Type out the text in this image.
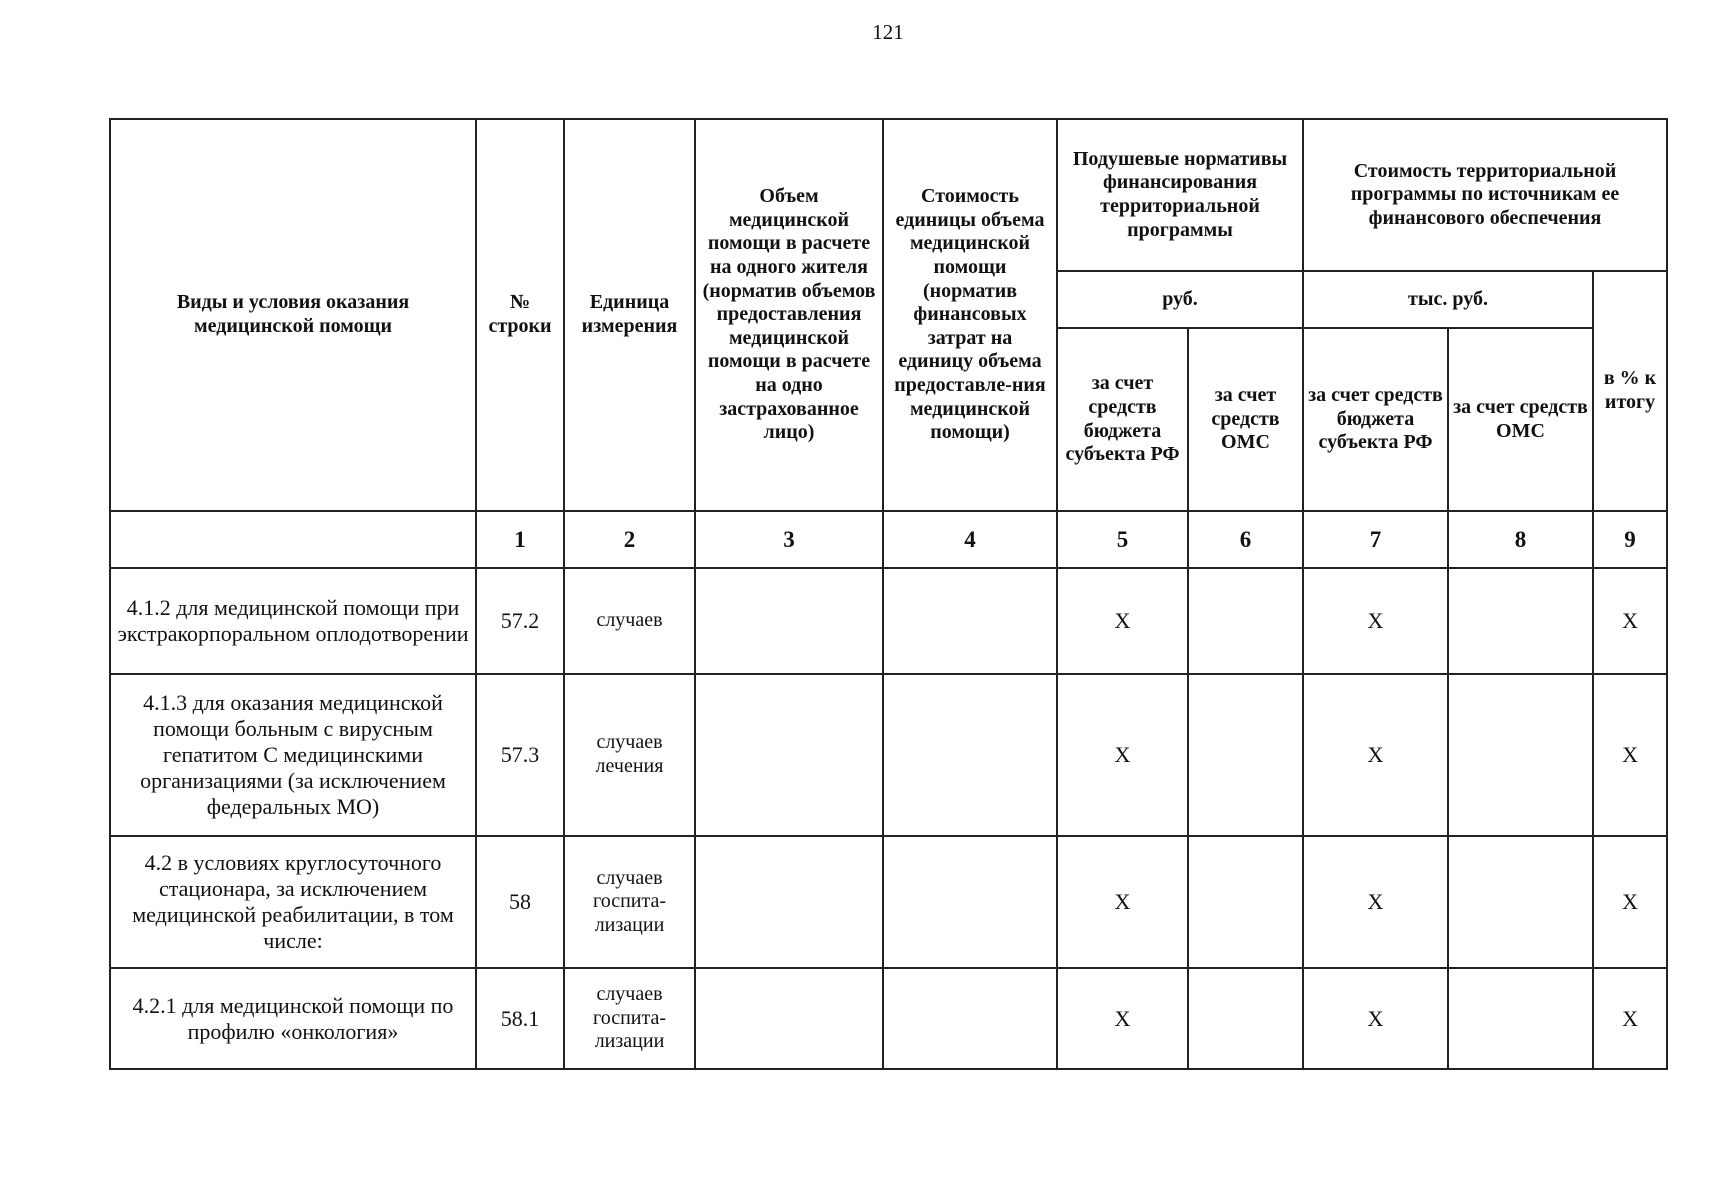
121
Виды и условия оказания медицинской помощи	№ строки	Единица измерения	Объем медицинской помощи в расчете на одного жителя (норматив объемов предоставления медицинской помощи в расчете на одно застрахованное лицо)	Стоимость единицы объема медицинской помощи (норматив финансовых затрат на единицу объема предоставле-ния медицинской помощи)	Подушевые нормативы финансирования территориальной программы		Стоимость территориальной программы по источникам ее финансового обеспечения		
					руб.		тыс. руб.		в % к итогу
					за счет средств бюджета субъекта РФ	за счет средств ОМС	за счет средств бюджета субъекта РФ	за счет средств ОМС	
	1	2	3	4	5	6	7	8	9
4.1.2 для медицинской помощи при экстракорпоральном оплодотворении	57.2	случаев			X		X		X
4.1.3 для оказания медицинской помощи больным с вирусным гепатитом С медицинскими организациями (за исключением федеральных МО)	57.3	случаев лечения			X		X		X
4.2 в условиях круглосуточного стационара, за исключением медицинской реабилитации, в том числе:	58	случаев госпита-лизации			X		X		X
4.2.1 для медицинской помощи по профилю «онкология»	58.1	случаев госпита-лизации			X		X		X
